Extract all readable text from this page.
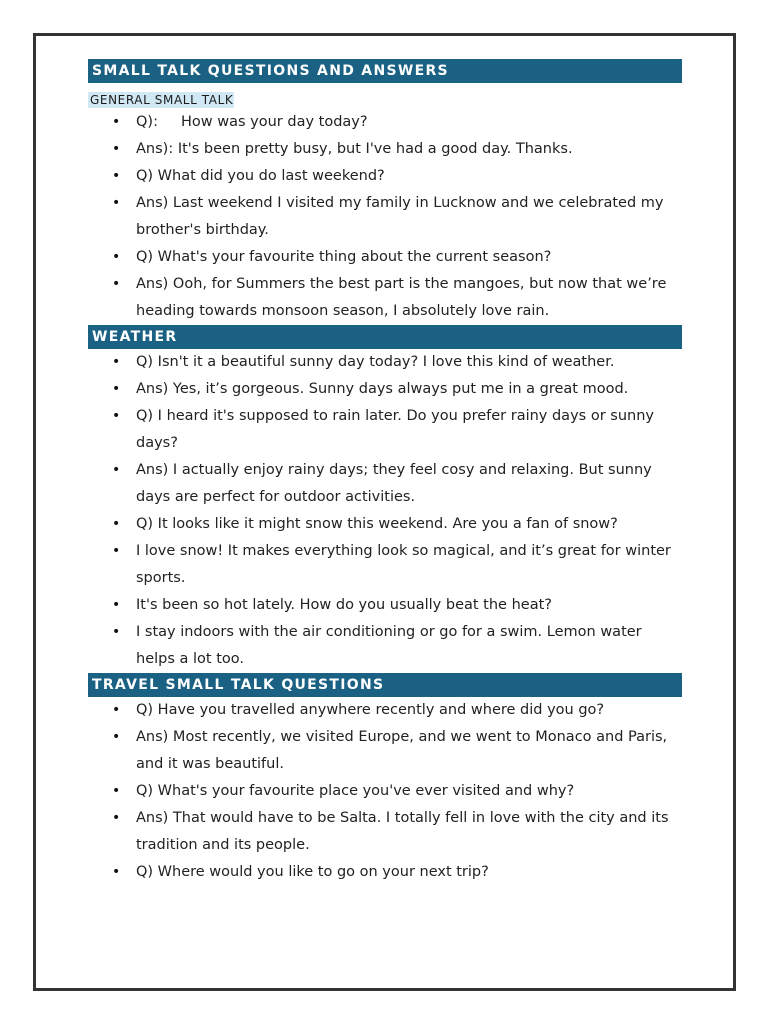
SMALL TALK QUESTIONS AND ANSWERS
GENERAL SMALL TALK
• Q):     How was your day today?
• Ans): It's been pretty busy, but I've had a good day. Thanks.
• Q) What did you do last weekend?
• Ans) Last weekend I visited my family in Lucknow and we celebrated my brother's birthday.
• Q) What's your favourite thing about the current season?
• Ans) Ooh, for Summers the best part is the mangoes, but now that we’re heading towards monsoon season, I absolutely love rain.
WEATHER
• Q) Isn't it a beautiful sunny day today? I love this kind of weather.
• Ans) Yes, it’s gorgeous. Sunny days always put me in a great mood.
• Q) I heard it's supposed to rain later. Do you prefer rainy days or sunny days?
• Ans) I actually enjoy rainy days; they feel cosy and relaxing. But sunny days are perfect for outdoor activities.
• Q) It looks like it might snow this weekend. Are you a fan of snow?
• I love snow! It makes everything look so magical, and it’s great for winter sports.
• It's been so hot lately. How do you usually beat the heat?
• I stay indoors with the air conditioning or go for a swim. Lemon water helps a lot too.
TRAVEL SMALL TALK QUESTIONS
• Q) Have you travelled anywhere recently and where did you go?
• Ans) Most recently, we visited Europe, and we went to Monaco and Paris, and it was beautiful.
• Q) What's your favourite place you've ever visited and why?
• Ans) That would have to be Salta. I totally fell in love with the city and its tradition and its people.
• Q) Where would you like to go on your next trip?
